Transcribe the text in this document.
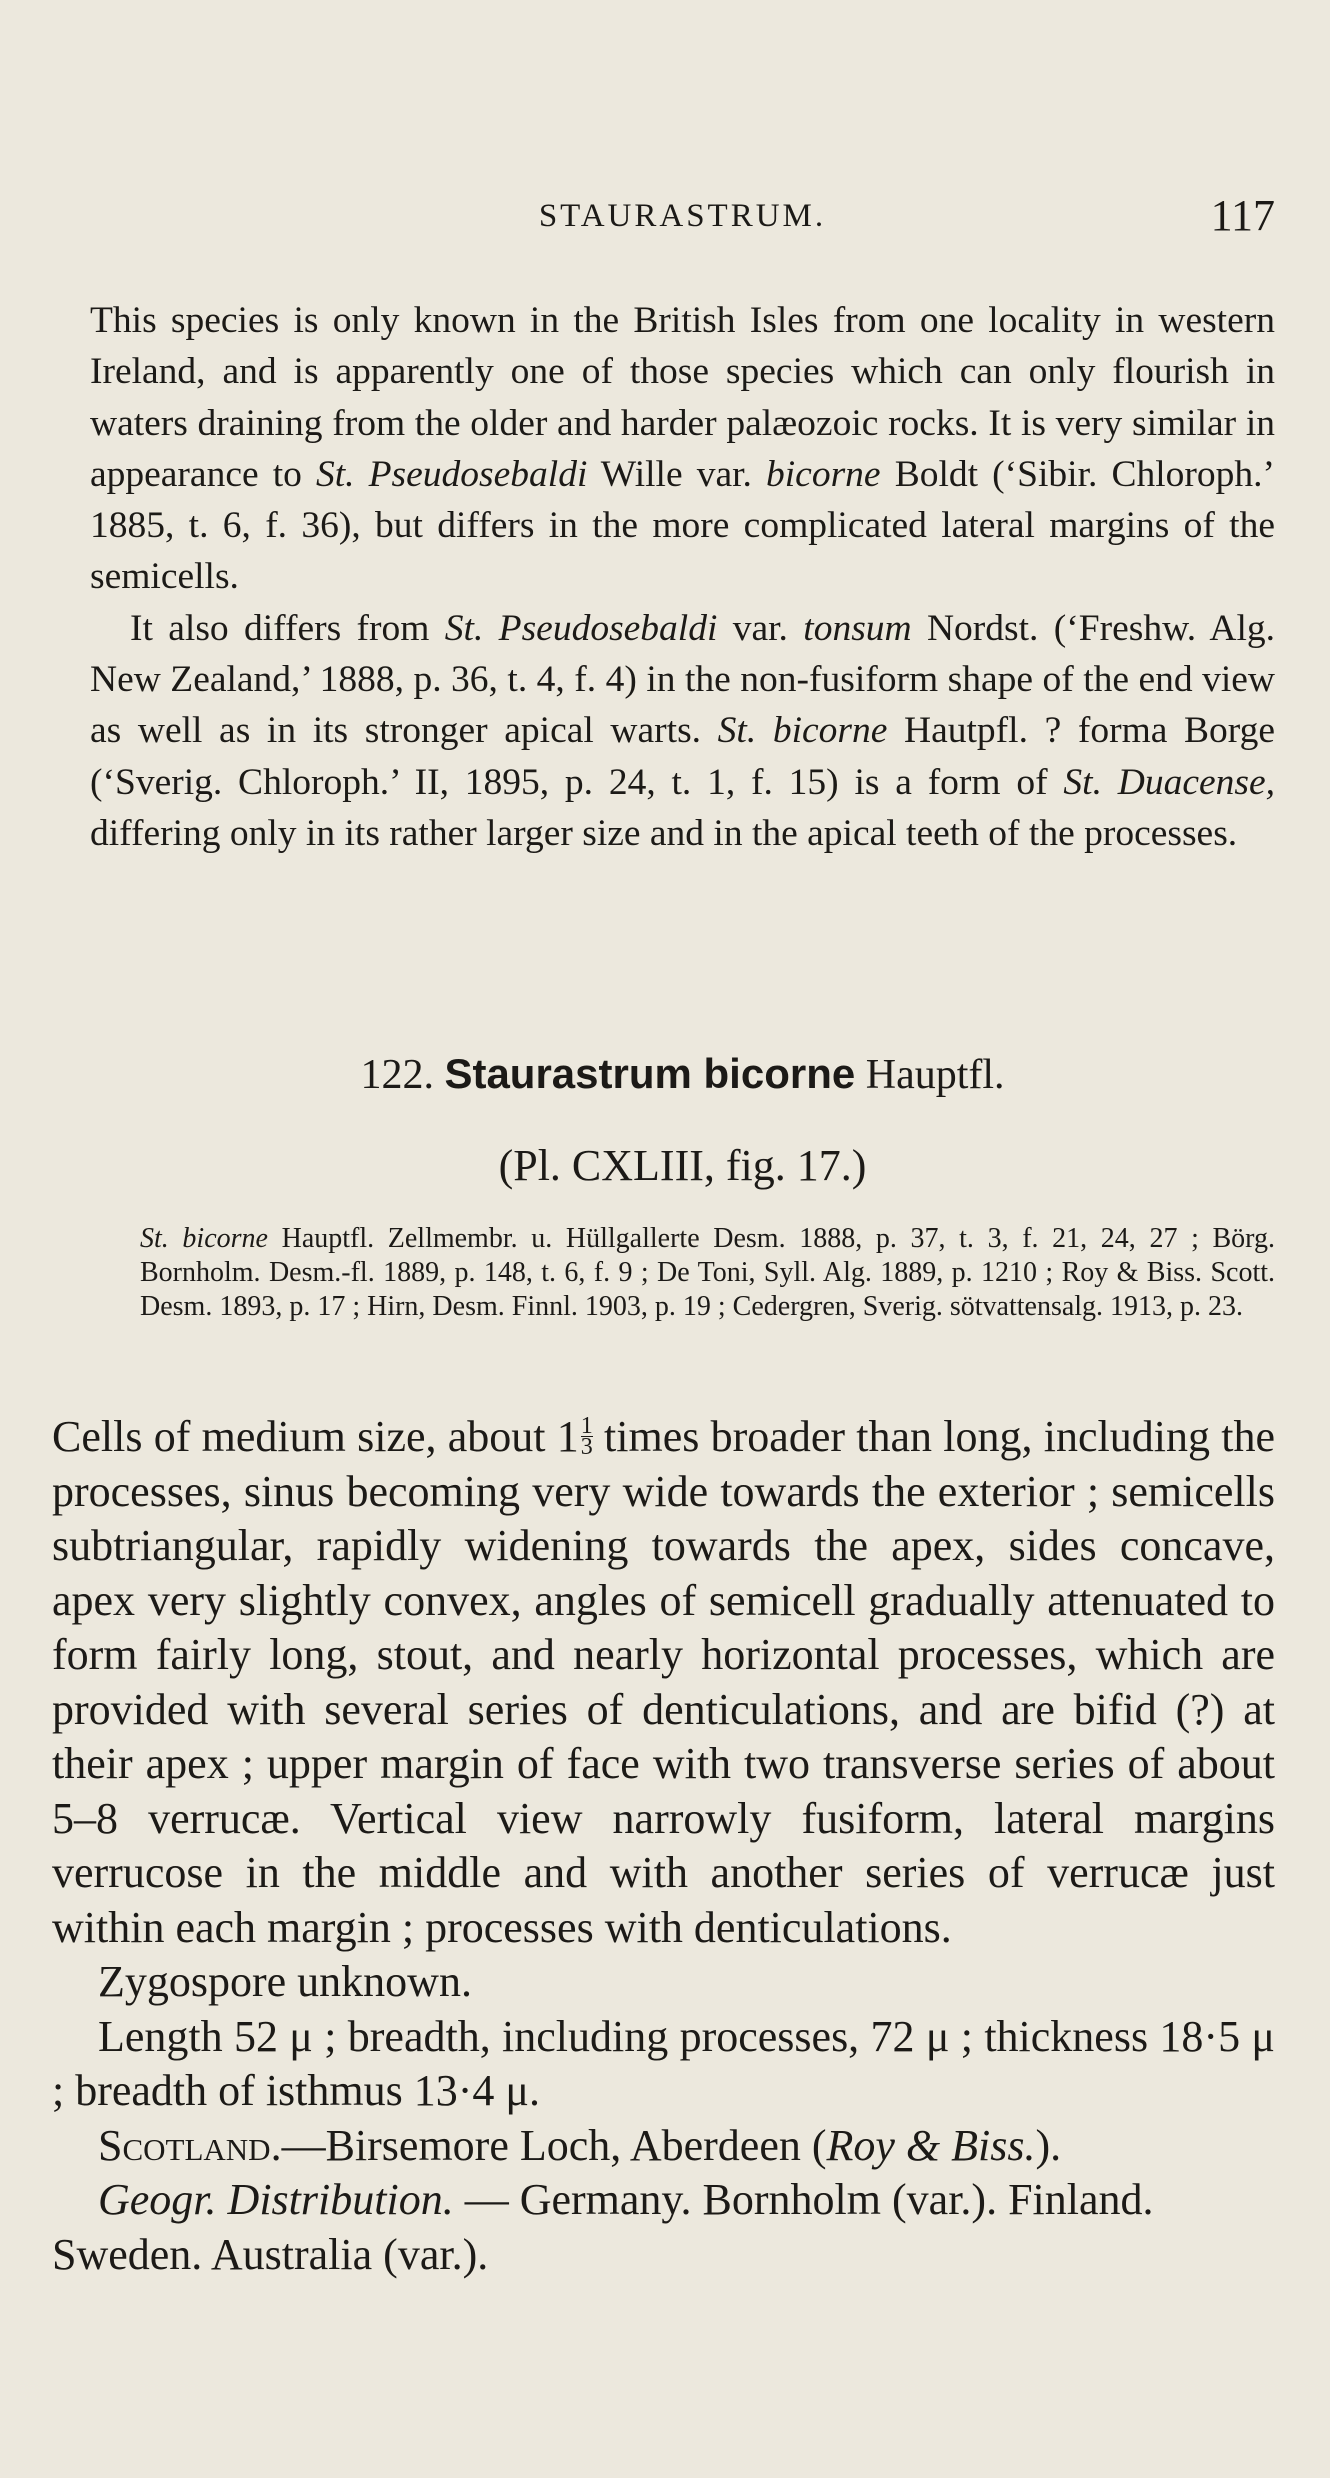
STAURASTRUM.	117

This species is only known in the British Isles from one locality in western Ireland, and is apparently one of those species which can only flourish in waters draining from the older and harder palæozoic rocks. It is very similar in appearance to St. Pseudosebaldi Wille var. bicorne Boldt (‘Sibir. Chloroph.’ 1885, t. 6, f. 36), but differs in the more complicated lateral margins of the semicells.

It also differs from St. Pseudosebaldi var. tonsum Nordst. (‘Freshw. Alg. New Zealand,’ 1888, p. 36, t. 4, f. 4) in the non-fusiform shape of the end view as well as in its stronger apical warts. St. bicorne Hautpfl. ? forma Borge (‘Sverig. Chloroph.’ II, 1895, p. 24, t. 1, f. 15) is a form of St. Duacense, differing only in its rather larger size and in the apical teeth of the processes.

122. Staurastrum bicorne Hauptfl.
(Pl. CXLIII, fig. 17.)

St. bicorne Hauptfl. Zellmembr. u. Hüllgallerte Desm. 1888, p. 37, t. 3, f. 21, 24, 27 ; Börg. Bornholm. Desm.-fl. 1889, p. 148, t. 6, f. 9 ; De Toni, Syll. Alg. 1889, p. 1210 ; Roy & Biss. Scott. Desm. 1893, p. 17 ; Hirn, Desm. Finnl. 1903, p. 19 ; Cedergren, Sverig. sötvattensalg. 1913, p. 23.

Cells of medium size, about $1 \frac{1}{3}$ times broader than long, including the processes, sinus becoming very wide towards the exterior ; semicells subtriangular, rapidly widening towards the apex, sides concave, apex very slightly convex, angles of semicell gradually attenuated to form fairly long, stout, and nearly horizontal processes, which are provided with several series of denticulations, and are bifid (?) at their apex ; upper margin of face with two transverse series of about 5–8 verrucæ. Vertical view narrowly fusiform, lateral margins verrucose in the middle and with another series of verrucæ just within each margin ; processes with denticulations.

Zygospore unknown.

Length 52 μ ; breadth, including processes, 72 μ ; thickness 18·5 μ ; breadth of isthmus 13·4 μ.

Scotland.—Birsemore Loch, Aberdeen (Roy & Biss.).

Geogr. Distribution. — Germany. Bornholm (var.). Finland. Sweden. Australia (var.).
